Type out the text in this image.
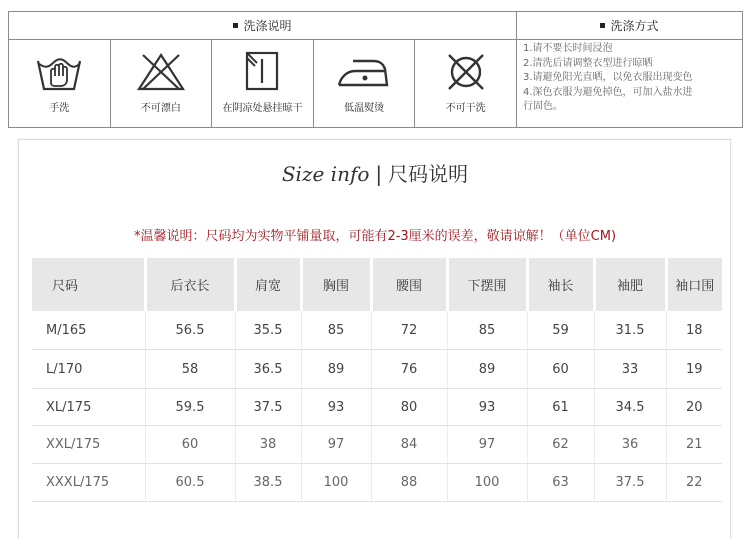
洗涤说明	洗涤方式
手洗	不可漂白	在阴凉处悬挂晾干	低温熨烫	不可干洗
1.请不要长时间浸泡
2.清洗后请调整衣型进行晾晒
3.请避免阳光直晒，以免衣服出现变色
4.深色衣服为避免掉色，可加入盐水进
行固色。
Size info | 尺码说明
*温馨说明：尺码均为实物平铺量取，可能有2-3厘米的误差，敬请谅解！（单位CM)
尺码	后衣长	肩宽	胸围	腰围	下摆围	袖长	袖肥	袖口围
M/165	56.5	35.5	85	72	85	59	31.5	18
L/170	58	36.5	89	76	89	60	33	19
XL/175	59.5	37.5	93	80	93	61	34.5	20
XXL/175	60	38	97	84	97	62	36	21
XXXL/175	60.5	38.5	100	88	100	63	37.5	22
